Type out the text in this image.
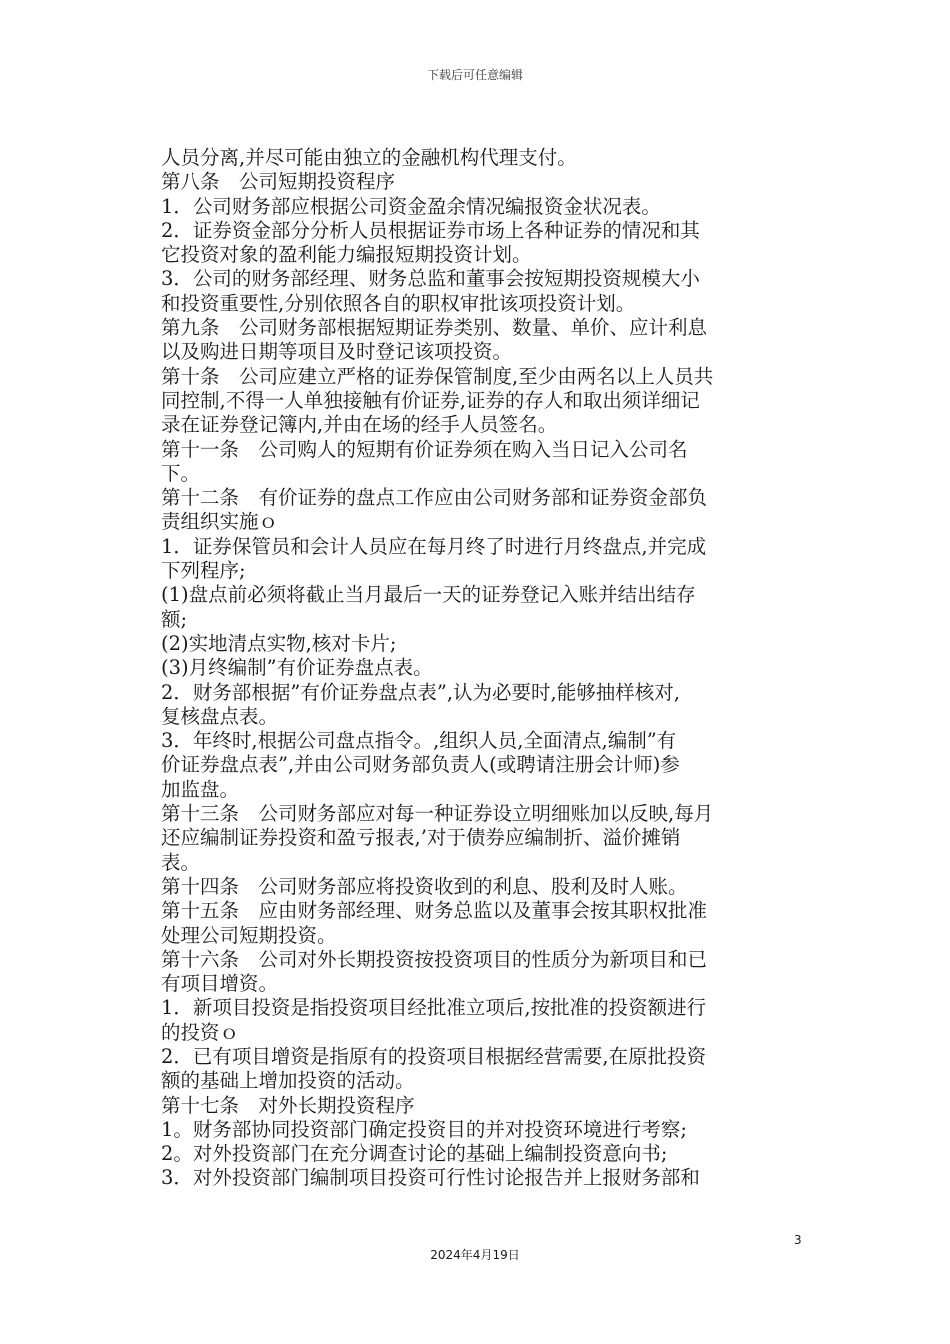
下载后可任意编辑
人员分离,并尽可能由独立的金融机构代理支付。
第八条　公司短期投资程序
1．公司财务部应根据公司资金盈余情况编报资金状况表。
2．证券资金部分分析人员根据证券市场上各种证券的情况和其
它投资对象的盈利能力编报短期投资计划。
3．公司的财务部经理、财务总监和董事会按短期投资规模大小
和投资重要性,分别依照各自的职权审批该项投资计划。
第九条　公司财务部根据短期证券类别、数量、单价、应计利息
以及购进日期等项目及时登记该项投资。
第十条　公司应建立严格的证券保管制度,至少由两名以上人员共
同控制,不得一人单独接触有价证券,证券的存人和取出须详细记
录在证券登记簿内,并由在场的经手人员签名。
第十一条　公司购人的短期有价证券须在购入当日记入公司名
下。
第十二条　有价证券的盘点工作应由公司财务部和证券资金部负
责组织实施ｏ
1．证券保管员和会计人员应在每月终了时进行月终盘点,并完成
下列程序;
(1)盘点前必须将截止当月最后一天的证券登记入账并结出结存
额;
(2)实地清点实物,核对卡片;
(3)月终编制”有价证券盘点表。
2．财务部根据”有价证券盘点表”,认为必要时,能够抽样核对,
复核盘点表。
3．年终时,根据公司盘点指令。,组织人员,全面清点,编制”有
价证券盘点表”,并由公司财务部负责人(或聘请注册会计师)参
加监盘。
第十三条　公司财务部应对每一种证券设立明细账加以反映,每月
还应编制证券投资和盈亏报表,’对于债券应编制折、溢价摊销
表。
第十四条　公司财务部应将投资收到的利息、股利及时人账。
第十五条　应由财务部经理、财务总监以及董事会按其职权批准
处理公司短期投资。
第十六条　公司对外长期投资按投资项目的性质分为新项目和已
有项目增资。
1．新项目投资是指投资项目经批准立项后,按批准的投资额进行
的投资ｏ
2．已有项目增资是指原有的投资项目根据经营需要,在原批投资
额的基础上增加投资的活动。
第十七条　对外长期投资程序
1。财务部协同投资部门确定投资目的并对投资环境进行考察;
2。对外投资部门在充分调查讨论的基础上编制投资意向书;
3．对外投资部门编制项目投资可行性讨论报告并上报财务部和
3
2024年4月19日
